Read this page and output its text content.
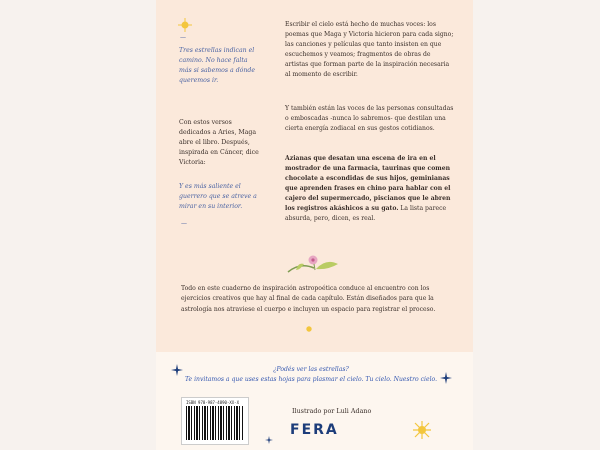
—

Tres estrellas indican el camino. No hace falta más si sabemos a dónde queremos ir.

Con estos versos dedicados a Aries, Maga abre el libro. Después, inspirada en Cáncer, dice Victoria:

Y es más saliente el guerrero que se atreve a mirar en su interior.

—

Escribir el cielo está hecho de muchas voces: los poemas que Maga y Victoria hicieron para cada signo; las canciones y películas que tanto insisten en que escuchemos y veamos; fragmentos de obras de artistas que forman parte de la inspiración necesaria al momento de escribir.

Y también están las voces de las personas consultadas o emboscadas -nunca lo sabremos- que destilan una cierta energía zodiacal en sus gestos cotidianos.

Azianas que desatan una escena de ira en el mostrador de una farmacia, taurinas que comen chocolate a escondidas de sus hijos, geminianas que aprenden frases en chino para hablar con el cajero del supermercado, piscianos que le abren los registros akáshicos a su gato. La lista parece absurda, pero, dicen, es real.

Todo en este cuaderno de inspiración astropoética conduce al encuentro con los ejercicios creativos que hay al final de cada capítulo. Están diseñados para que la astrología nos atraviese el cuerpo e incluyen un espacio para registrar el proceso.

¿Podés ver las estrellas?
Te invitamos a que uses estas hojas para plasmar el cielo. Tu cielo. Nuestro cielo.

ISBN 978-987-4890-XX-X

Ilustrado por Luli Adano

FERA
